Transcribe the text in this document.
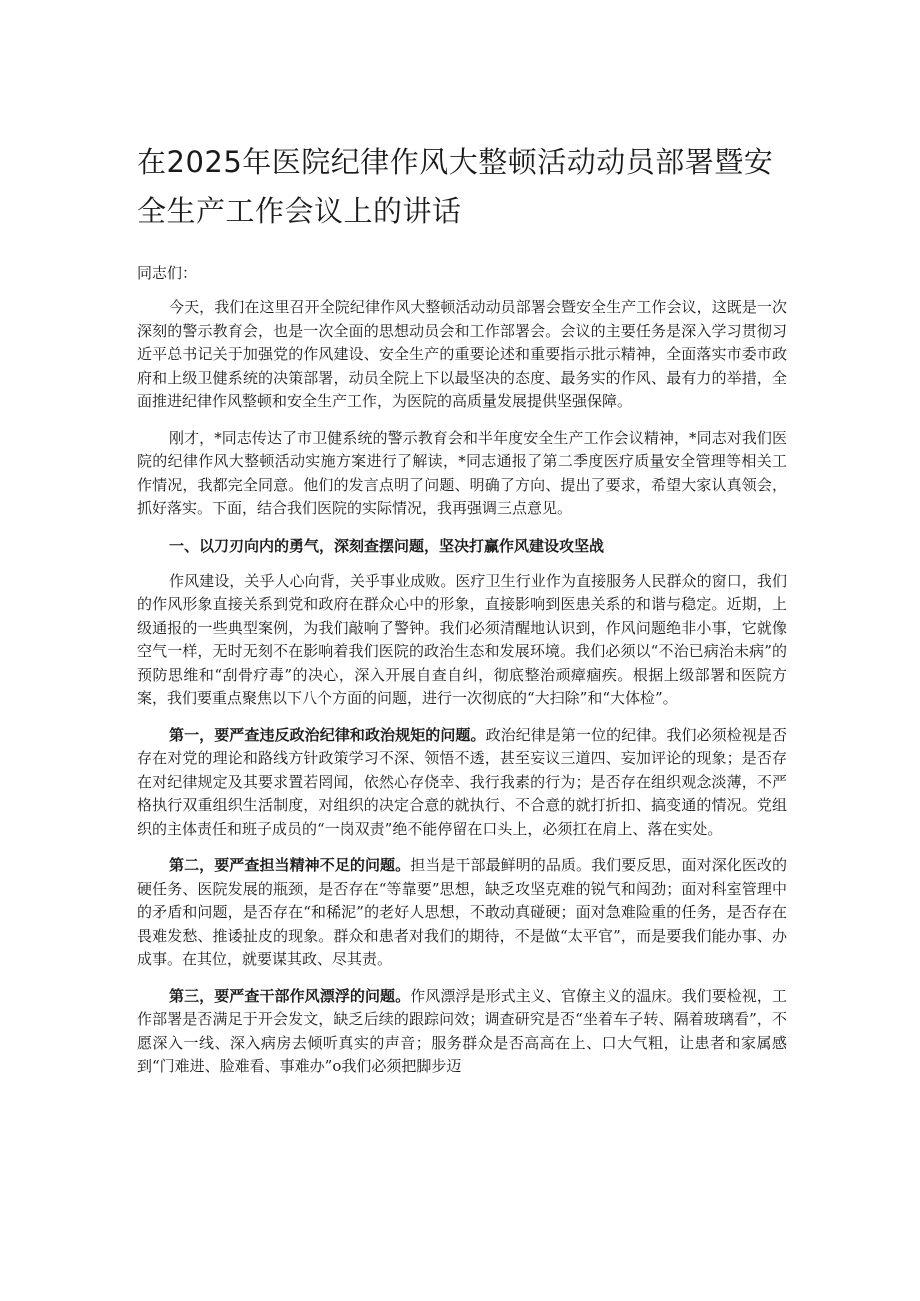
在2025年医院纪律作风大整顿活动动员部署暨安全生产工作会议上的讲话

同志们：

今天，我们在这里召开全院纪律作风大整顿活动动员部署会暨安全生产工作会议，这既是一次深刻的警示教育会，也是一次全面的思想动员会和工作部署会。会议的主要任务是深入学习贯彻习近平总书记关于加强党的作风建设、安全生产的重要论述和重要指示批示精神，全面落实市委市政府和上级卫健系统的决策部署，动员全院上下以最坚决的态度、最务实的作风、最有力的举措，全面推进纪律作风整顿和安全生产工作，为医院的高质量发展提供坚强保障。

刚才，*同志传达了市卫健系统的警示教育会和半年度安全生产工作会议精神，*同志对我们医院的纪律作风大整顿活动实施方案进行了解读，*同志通报了第二季度医疗质量安全管理等相关工作情况，我都完全同意。他们的发言点明了问题、明确了方向、提出了要求，希望大家认真领会，抓好落实。下面，结合我们医院的实际情况，我再强调三点意见。

一、以刀刃向内的勇气，深刻查摆问题，坚决打赢作风建设攻坚战

作风建设，关乎人心向背，关乎事业成败。医疗卫生行业作为直接服务人民群众的窗口，我们的作风形象直接关系到党和政府在群众心中的形象，直接影响到医患关系的和谐与稳定。近期，上级通报的一些典型案例，为我们敲响了警钟。我们必须清醒地认识到，作风问题绝非小事，它就像空气一样，无时无刻不在影响着我们医院的政治生态和发展环境。我们必须以“不治已病治未病”的预防思维和“刮骨疗毒”的决心，深入开展自查自纠，彻底整治顽瘴痼疾。根据上级部署和医院方案，我们要重点聚焦以下八个方面的问题，进行一次彻底的“大扫除”和“大体检”。

第一，要严查违反政治纪律和政治规矩的问题。政治纪律是第一位的纪律。我们必须检视是否存在对党的理论和路线方针政策学习不深、领悟不透，甚至妄议三道四、妄加评论的现象；是否存在对纪律规定及其要求置若罔闻，依然心存侥幸、我行我素的行为；是否存在组织观念淡薄，不严格执行双重组织生活制度，对组织的决定合意的就执行、不合意的就打折扣、搞变通的情况。党组织的主体责任和班子成员的“一岗双责”绝不能停留在口头上，必须扛在肩上、落在实处。

第二，要严查担当精神不足的问题。担当是干部最鲜明的品质。我们要反思，面对深化医改的硬任务、医院发展的瓶颈，是否存在“等靠要”思想，缺乏攻坚克难的锐气和闯劲；面对科室管理中的矛盾和问题，是否存在“和稀泥”的老好人思想，不敢动真碰硬；面对急难险重的任务，是否存在畏难发愁、推诿扯皮的现象。群众和患者对我们的期待，不是做“太平官”，而是要我们能办事、办成事。在其位，就要谋其政、尽其责。

第三，要严查干部作风漂浮的问题。作风漂浮是形式主义、官僚主义的温床。我们要检视，工作部署是否满足于开会发文，缺乏后续的跟踪问效；调查研究是否“坐着车子转、隔着玻璃看”，不愿深入一线、深入病房去倾听真实的声音；服务群众是否高高在上、口大气粗，让患者和家属感到“门难进、脸难看、事难办”o我们必须把脚步迈
